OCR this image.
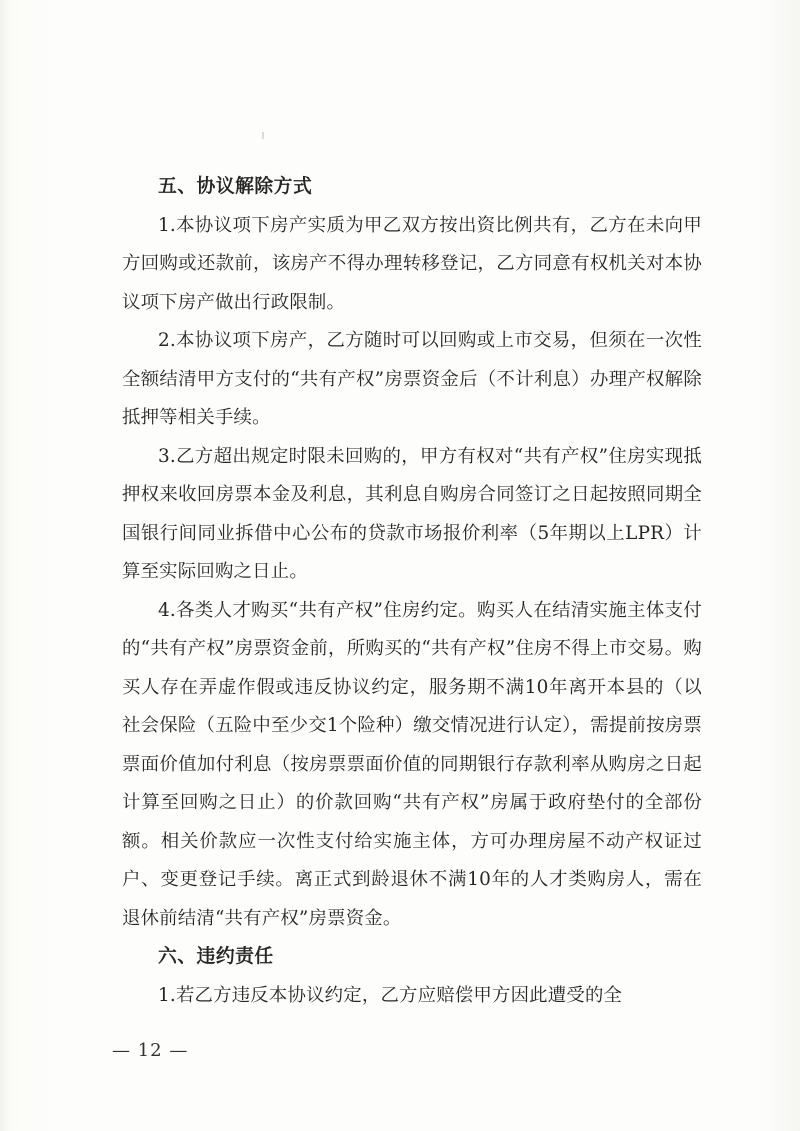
五、协议解除方式

1.本协议项下房产实质为甲乙双方按出资比例共有，乙方在未向甲方回购或还款前，该房产不得办理转移登记，乙方同意有权机关对本协议项下房产做出行政限制。

2.本协议项下房产，乙方随时可以回购或上市交易，但须在一次性全额结清甲方支付的“共有产权”房票资金后（不计利息）办理产权解除抵押等相关手续。

3.乙方超出规定时限未回购的，甲方有权对“共有产权”住房实现抵押权来收回房票本金及利息，其利息自购房合同签订之日起按照同期全国银行间同业拆借中心公布的贷款市场报价利率（5年期以上LPR）计算至实际回购之日止。

4.各类人才购买“共有产权”住房约定。购买人在结清实施主体支付的“共有产权”房票资金前，所购买的“共有产权”住房不得上市交易。购买人存在弄虚作假或违反协议约定，服务期不满10年离开本县的（以社会保险（五险中至少交1个险种）缴交情况进行认定），需提前按房票票面价值加付利息（按房票票面价值的同期银行存款利率从购房之日起计算至回购之日止）的价款回购“共有产权”房属于政府垫付的全部份额。相关价款应一次性支付给实施主体，方可办理房屋不动产权证过户、变更登记手续。离正式到龄退休不满10年的人才类购房人，需在退休前结清“共有产权”房票资金。

六、违约责任

1.若乙方违反本协议约定，乙方应赔偿甲方因此遭受的全

— 12 —
